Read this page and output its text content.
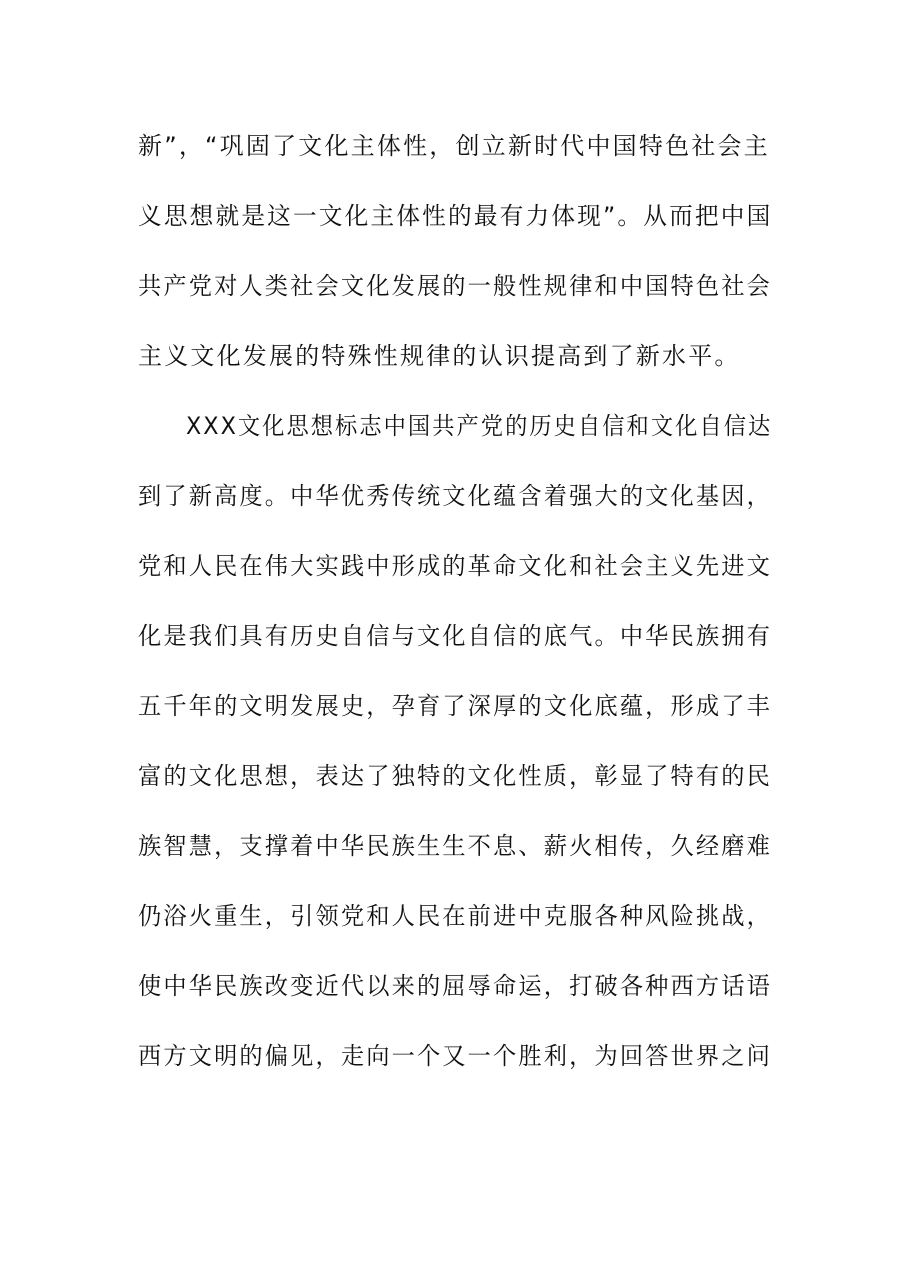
新”，“巩固了文化主体性，创立新时代中国特色社会主
义思想就是这一文化主体性的最有力体现”。从而把中国
共产党对人类社会文化发展的一般性规律和中国特色社会
主义文化发展的特殊性规律的认识提高到了新水平。
XXX文化思想标志中国共产党的历史自信和文化自信达
到了新高度。中华优秀传统文化蕴含着强大的文化基因，
党和人民在伟大实践中形成的革命文化和社会主义先进文
化是我们具有历史自信与文化自信的底气。中华民族拥有
五千年的文明发展史，孕育了深厚的文化底蕴，形成了丰
富的文化思想，表达了独特的文化性质，彰显了特有的民
族智慧，支撑着中华民族生生不息、薪火相传，久经磨难
仍浴火重生，引领党和人民在前进中克服各种风险挑战，
使中华民族改变近代以来的屈辱命运，打破各种西方话语
西方文明的偏见，走向一个又一个胜利，为回答世界之问
